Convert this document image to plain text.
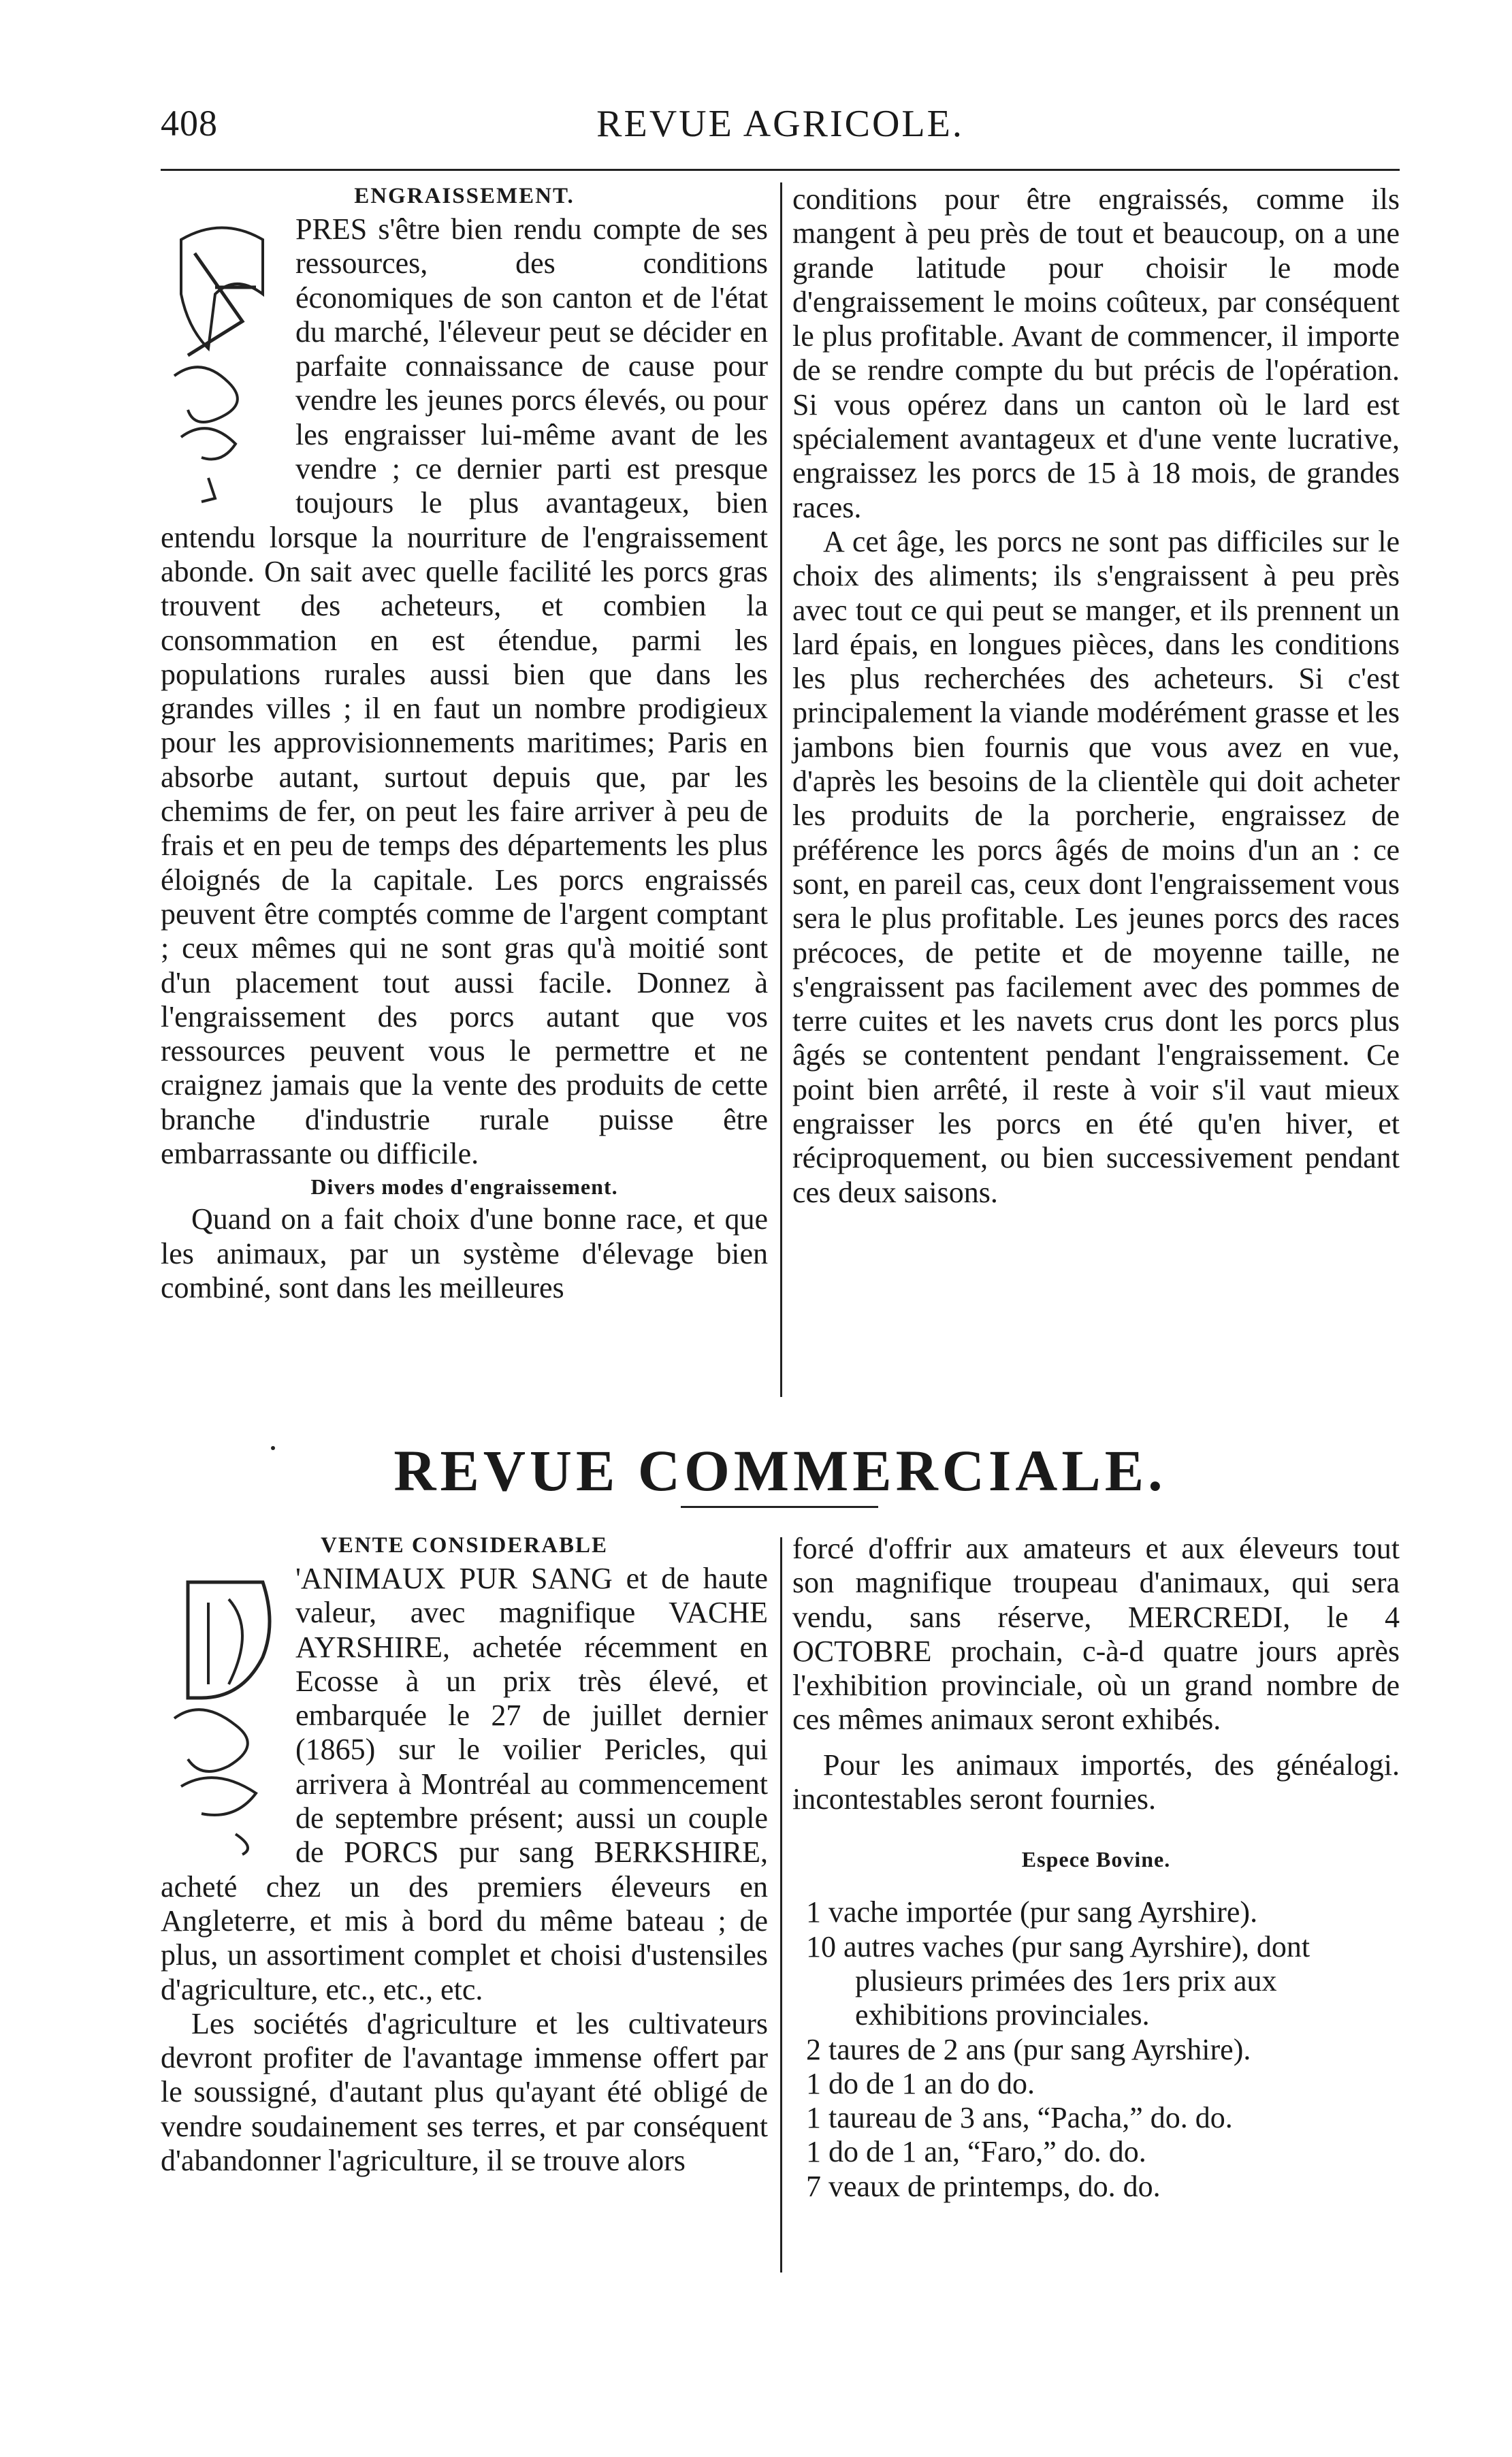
408	REVUE AGRICOLE.

ENGRAISSEMENT.

PRES s'être bien rendu compte de ses ressources, des conditions économiques de son canton et de l'état du marché, l'éleveur peut se décider en parfaite connaissance de cause pour vendre les jeunes porcs élevés, ou pour les engraisser lui-même avant de les vendre ; ce dernier parti est presque toujours le plus avantageux, bien entendu lorsque la nourriture de l'engraissement abonde. On sait avec quelle facilité les porcs gras trouvent des acheteurs, et combien la consommation en est étendue, parmi les populations rurales aussi bien que dans les grandes villes ; il en faut un nombre prodigieux pour les approvisionnements maritimes; Paris en absorbe autant, surtout depuis que, par les chemims de fer, on peut les faire arriver à peu de frais et en peu de temps des départements les plus éloignés de la capitale. Les porcs engraissés peuvent être comptés comme de l'argent comptant ; ceux mêmes qui ne sont gras qu'à moitié sont d'un placement tout aussi facile. Donnez à l'engraissement des porcs autant que vos ressources peuvent vous le permettre et ne craignez jamais que la vente des produits de cette branche d'industrie rurale puisse être embarrassante ou difficile.

Divers modes d'engraissement.

Quand on a fait choix d'une bonne race, et que les animaux, par un système d'élevage bien combiné, sont dans les meilleures

conditions pour être engraissés, comme ils mangent à peu près de tout et beaucoup, on a une grande latitude pour choisir le mode d'engraissement le moins coûteux, par conséquent le plus profitable. Avant de commencer, il importe de se rendre compte du but précis de l'opération. Si vous opérez dans un canton où le lard est spécialement avantageux et d'une vente lucrative, engraissez les porcs de 15 à 18 mois, de grandes races.

A cet âge, les porcs ne sont pas difficiles sur le choix des aliments; ils s'engraissent à peu près avec tout ce qui peut se manger, et ils prennent un lard épais, en longues pièces, dans les conditions les plus recherchées des acheteurs. Si c'est principalement la viande modérément grasse et les jambons bien fournis que vous avez en vue, d'après les besoins de la clientèle qui doit acheter les produits de la porcherie, engraissez de préférence les porcs âgés de moins d'un an : ce sont, en pareil cas, ceux dont l'engraissement vous sera le plus profitable. Les jeunes porcs des races précoces, de petite et de moyenne taille, ne s'engraissent pas facilement avec des pommes de terre cuites et les navets crus dont les porcs plus âgés se contentent pendant l'engraissement. Ce point bien arrêté, il reste à voir s'il vaut mieux engraisser les porcs en été qu'en hiver, et réciproquement, ou bien successivement pendant ces deux saisons.

REVUE COMMERCIALE.

VENTE CONSIDERABLE

'ANIMAUX PUR SANG et de haute valeur, avec magnifique VACHE AYRSHIRE, achetée récemment en Ecosse à un prix très élevé, et embarquée le 27 de juillet dernier (1865) sur le voilier Pericles, qui arrivera à Montréal au commencement de septembre présent; aussi un couple de PORCS pur sang BERKSHIRE, acheté chez un des premiers éleveurs en Angleterre, et mis à bord du même bateau ; de plus, un assortiment complet et choisi d'ustensiles d'agriculture, etc., etc., etc.

Les sociétés d'agriculture et les cultivateurs devront profiter de l'avantage immense offert par le soussigné, d'autant plus qu'ayant été obligé de vendre soudainement ses terres, et par conséquent d'abandonner l'agriculture, il se trouve alors

forcé d'offrir aux amateurs et aux éleveurs tout son magnifique troupeau d'animaux, qui sera vendu, sans réserve, MERCREDI, le 4 OCTOBRE prochain, c-à-d quatre jours après l'exhibition provinciale, où un grand nombre de ces mêmes animaux seront exhibés.

Pour les animaux importés, des généalogi. incontestables seront fournies.

Espece Bovine.

1 vache importée (pur sang Ayrshire).
10 autres vaches (pur sang Ayrshire), dont plusieurs primées des 1ers prix aux exhibitions provinciales.
2 taures de 2 ans (pur sang Ayrshire).
1 do de 1 an do do.
1 taureau de 3 ans, “Pacha,” do. do.
1 do de 1 an, “Faro,” do. do.
7 veaux de printemps, do. do.
